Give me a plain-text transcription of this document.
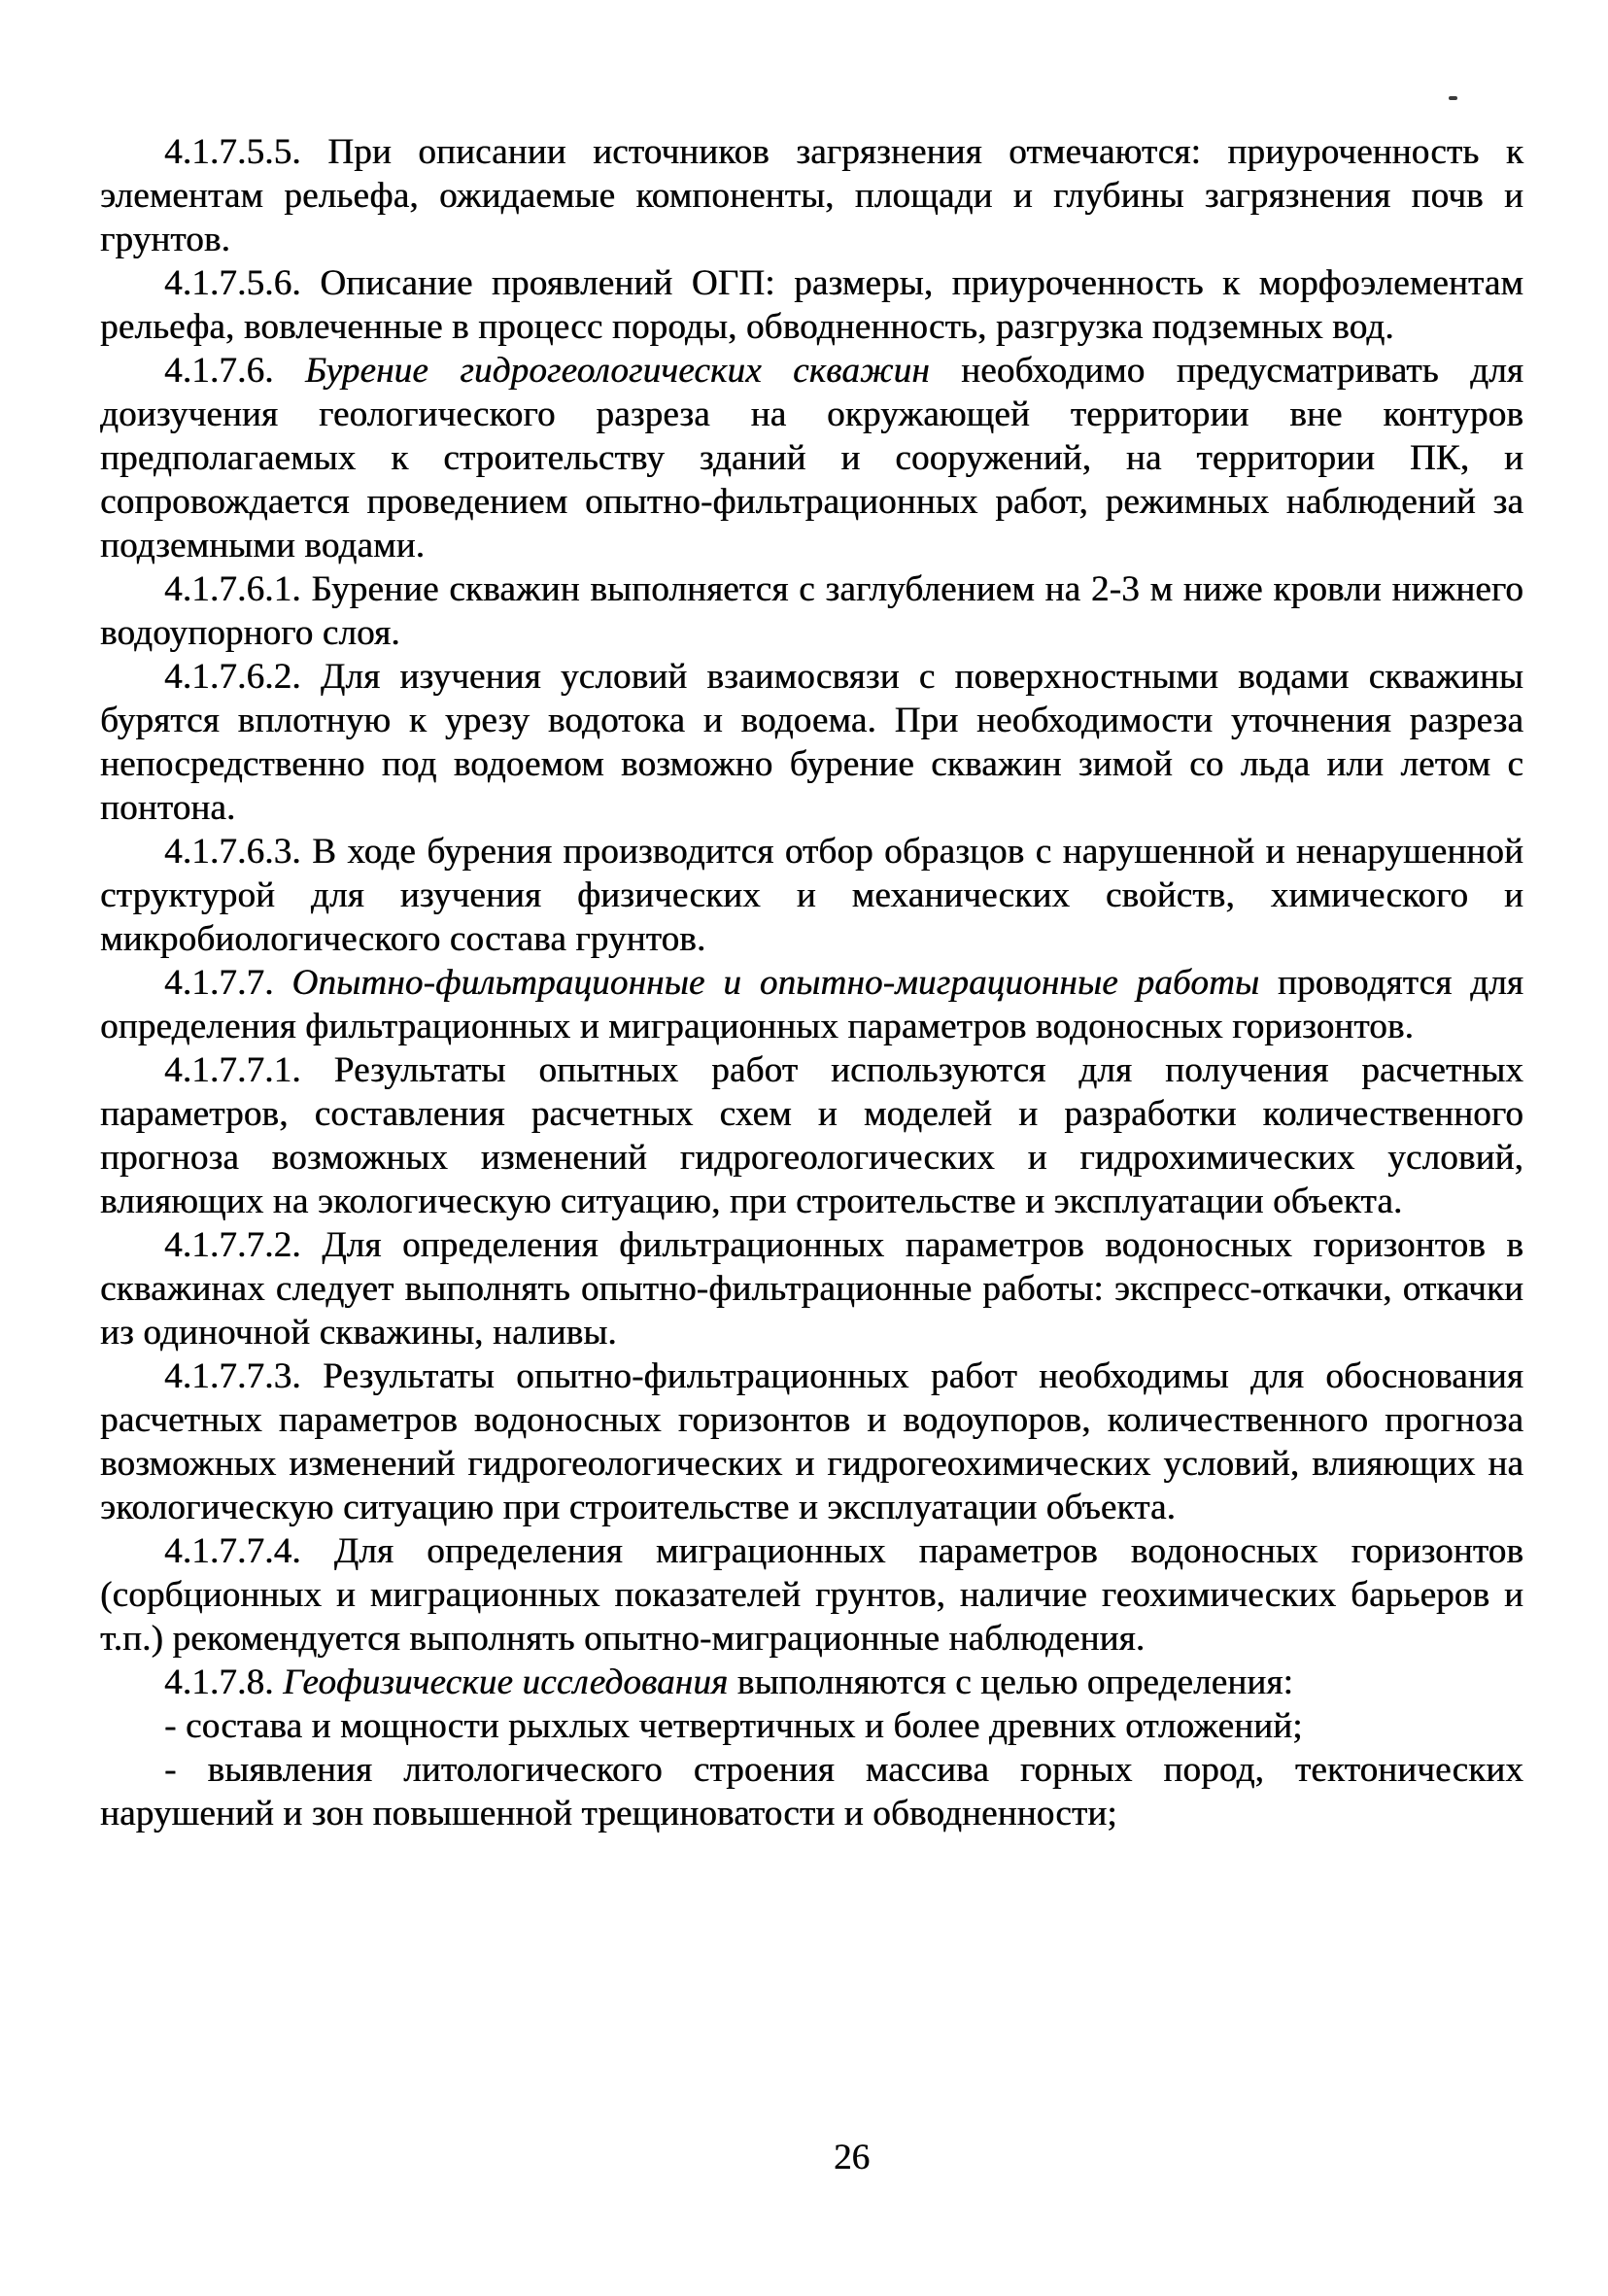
4.1.7.5.5. При описании источников загрязнения отмечаются: приуроченность к элементам рельефа, ожидаемые компоненты, площади и глубины загрязнения почв и грунтов.

4.1.7.5.6. Описание проявлений ОГП: размеры, приуроченность к морфоэлементам рельефа, вовлеченные в процесс породы, обводненность, разгрузка подземных вод.

4.1.7.6. Бурение гидрогеологических скважин необходимо предусматривать для доизучения геологического разреза на окружающей территории вне контуров предполагаемых к строительству зданий и сооружений, на территории ПК, и сопровождается проведением опытно-фильтрационных работ, режимных наблюдений за подземными водами.

4.1.7.6.1. Бурение скважин выполняется с заглублением на 2-3 м ниже кровли нижнего водоупорного слоя.

4.1.7.6.2. Для изучения условий взаимосвязи с поверхностными водами скважины бурятся вплотную к урезу водотока и водоема. При необходимости уточнения разреза непосредственно под водоемом возможно бурение скважин зимой со льда или летом с понтона.

4.1.7.6.3. В ходе бурения производится отбор образцов с нарушенной и ненарушенной структурой для изучения физических и механических свойств, химического и микробиологического состава грунтов.

4.1.7.7. Опытно-фильтрационные и опытно-миграционные работы проводятся для определения фильтрационных и миграционных параметров водоносных горизонтов.

4.1.7.7.1. Результаты опытных работ используются для получения расчетных параметров, составления расчетных схем и моделей и разработки количественного прогноза возможных изменений гидрогеологических и гидрохимических условий, влияющих на экологическую ситуацию, при строительстве и эксплуатации объекта.

4.1.7.7.2. Для определения фильтрационных параметров водоносных горизонтов в скважинах следует выполнять опытно-фильтрационные работы: экспресс-откачки, откачки из одиночной скважины, наливы.

4.1.7.7.3. Результаты опытно-фильтрационных работ необходимы для обоснования расчетных параметров водоносных горизонтов и водоупоров, количественного прогноза возможных изменений гидрогеологических и гидрогеохимических условий, влияющих на экологическую ситуацию при строительстве и эксплуатации объекта.

4.1.7.7.4. Для определения миграционных параметров водоносных горизонтов (сорбционных и миграционных показателей грунтов, наличие геохимических барьеров и т.п.) рекомендуется выполнять опытно-миграционные наблюдения.

4.1.7.8. Геофизические исследования выполняются с целью определения:

- состава и мощности рыхлых четвертичных и более древних отложений;

- выявления литологического строения массива горных пород, тектонических нарушений и зон повышенной трещиноватости и обводненности;

26
